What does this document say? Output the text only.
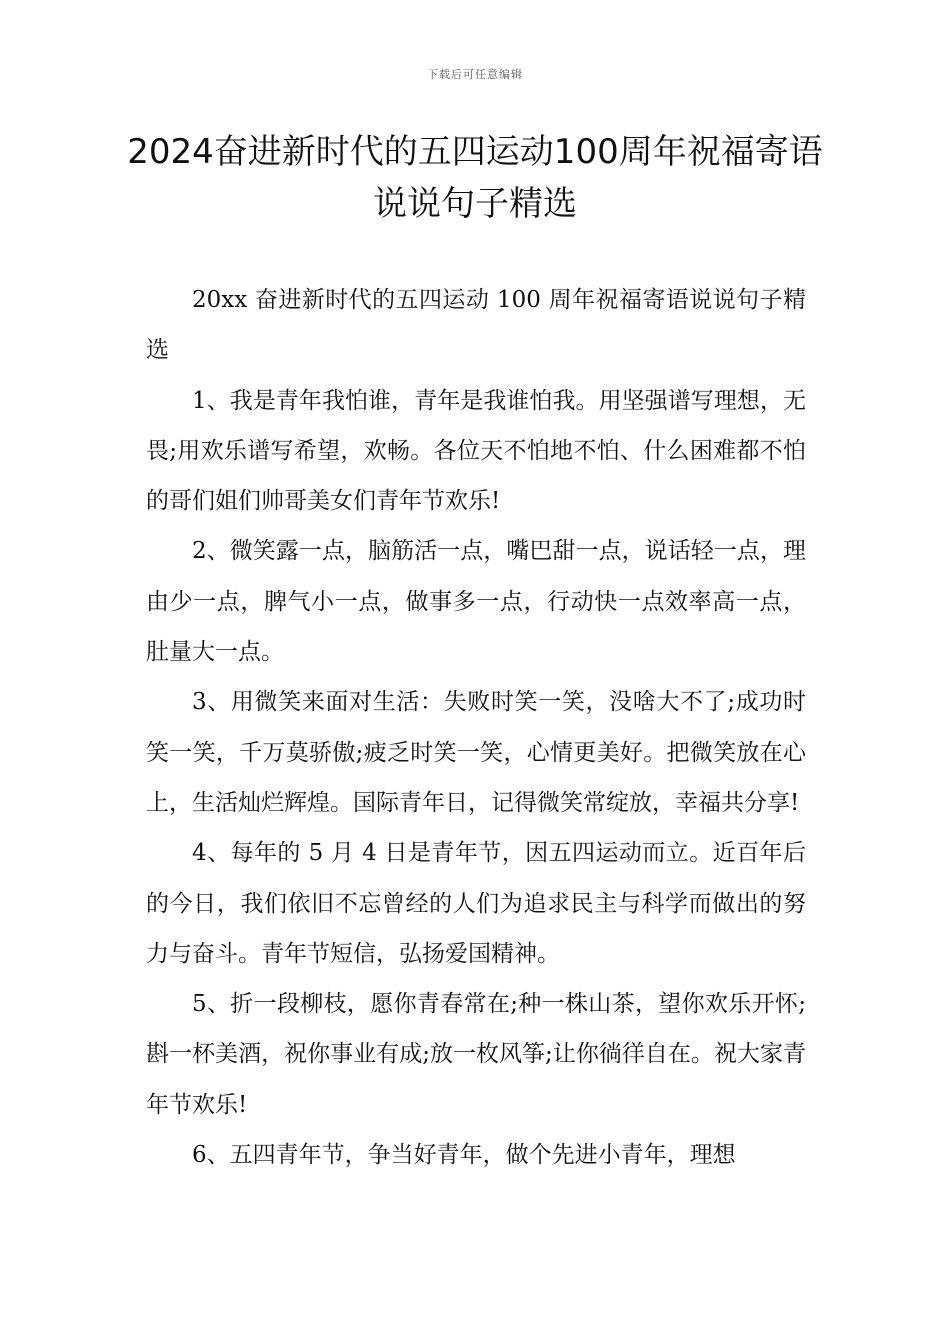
下载后可任意编辑
2024奋进新时代的五四运动100周年祝福寄语说说句子精选

20xx 奋进新时代的五四运动 100 周年祝福寄语说说句子精选

1、我是青年我怕谁，青年是我谁怕我。用坚强谱写理想，无畏;用欢乐谱写希望，欢畅。各位天不怕地不怕、什么困难都不怕的哥们姐们帅哥美女们青年节欢乐!

2、微笑露一点，脑筋活一点，嘴巴甜一点，说话轻一点，理由少一点，脾气小一点，做事多一点，行动快一点效率高一点，肚量大一点。

3、用微笑来面对生活：失败时笑一笑，没啥大不了;成功时笑一笑，千万莫骄傲;疲乏时笑一笑，心情更美好。把微笑放在心上，生活灿烂辉煌。国际青年日，记得微笑常绽放，幸福共分享!

4、每年的 5 月 4 日是青年节，因五四运动而立。近百年后的今日，我们依旧不忘曾经的人们为追求民主与科学而做出的努力与奋斗。青年节短信，弘扬爱国精神。

5、折一段柳枝，愿你青春常在;种一株山茶，望你欢乐开怀;斟一杯美酒，祝你事业有成;放一枚风筝;让你徜徉自在。祝大家青年节欢乐!

6、五四青年节，争当好青年，做个先进小青年，理想
